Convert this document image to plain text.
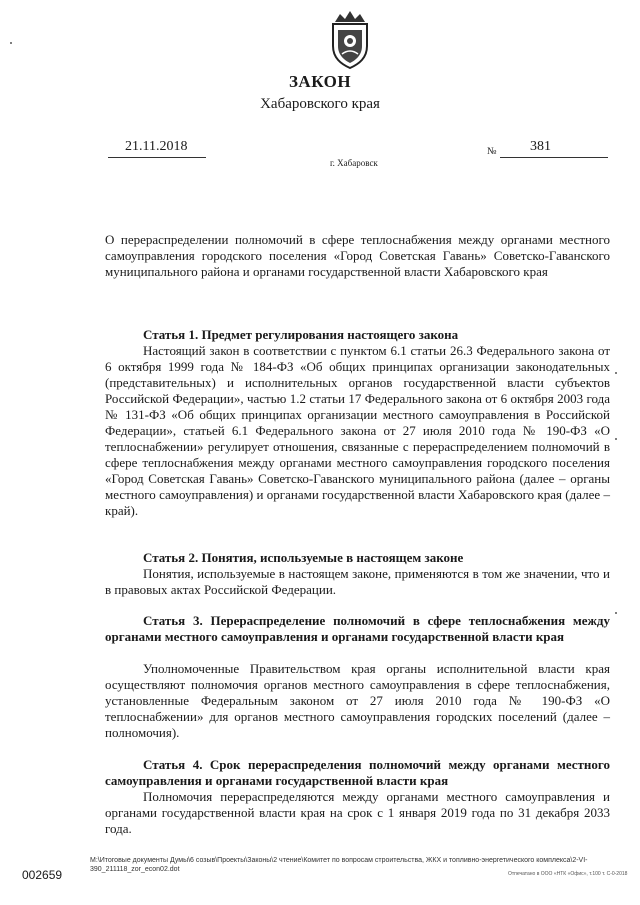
ЗАКОН
Хабаровского края
21.11.2018	№ 381
г. Хабаровск
О перераспределении полномочий в сфере теплоснабжения между органами местного самоуправления городского поселения «Город Советская Гавань» Советско-Гаванского муниципального района и органами государственной власти Хабаровского края
Статья 1. Предмет регулирования настоящего закона
Настоящий закон в соответствии с пунктом 6.1 статьи 26.3 Федерального закона от 6 октября 1999 года № 184-ФЗ «Об общих принципах организации законодательных (представительных) и исполнительных органов государственной власти субъектов Российской Федерации», частью 1.2 статьи 17 Федерального закона от 6 октября 2003 года № 131-ФЗ «Об общих принципах организации местного самоуправления в Российской Федерации», статьей 6.1 Федерального закона от 27 июля 2010 года № 190-ФЗ «О теплоснабжении» регулирует отношения, связанные с перераспределением полномочий в сфере теплоснабжения между органами местного самоуправления городского поселения «Город Советская Гавань» Советско-Гаванского муниципального района (далее – органы местного самоуправления) и органами государственной власти Хабаровского края (далее – край).
Статья 2. Понятия, используемые в настоящем законе
Понятия, используемые в настоящем законе, применяются в том же значении, что и в правовых актах Российской Федерации.
Статья 3. Перераспределение полномочий в сфере теплоснабжения между органами местного самоуправления и органами государственной власти края
Уполномоченные Правительством края органы исполнительной власти края осуществляют полномочия органов местного самоуправления в сфере теплоснабжения, установленные Федеральным законом от 27 июля 2010 года № 190-ФЗ «О теплоснабжении» для органов местного самоуправления городских поселений (далее – полномочия).
Статья 4. Срок перераспределения полномочий между органами местного самоуправления и органами государственной власти края
Полномочия перераспределяются между органами местного самоуправления и органами государственной власти края на срок с 1 января 2019 года по 31 декабря 2033 года.
M:\Итоговые документы Думы\6 созыв\Проекты\Законы\2 чтение\Комитет по вопросам строительства, ЖКХ и топливно-энергетического комплекса\2-VI-390_211118_zor_econ02.dot
002659	Отпечатано в ООО «НТК «Офис», т.100 т. С-0-2018
